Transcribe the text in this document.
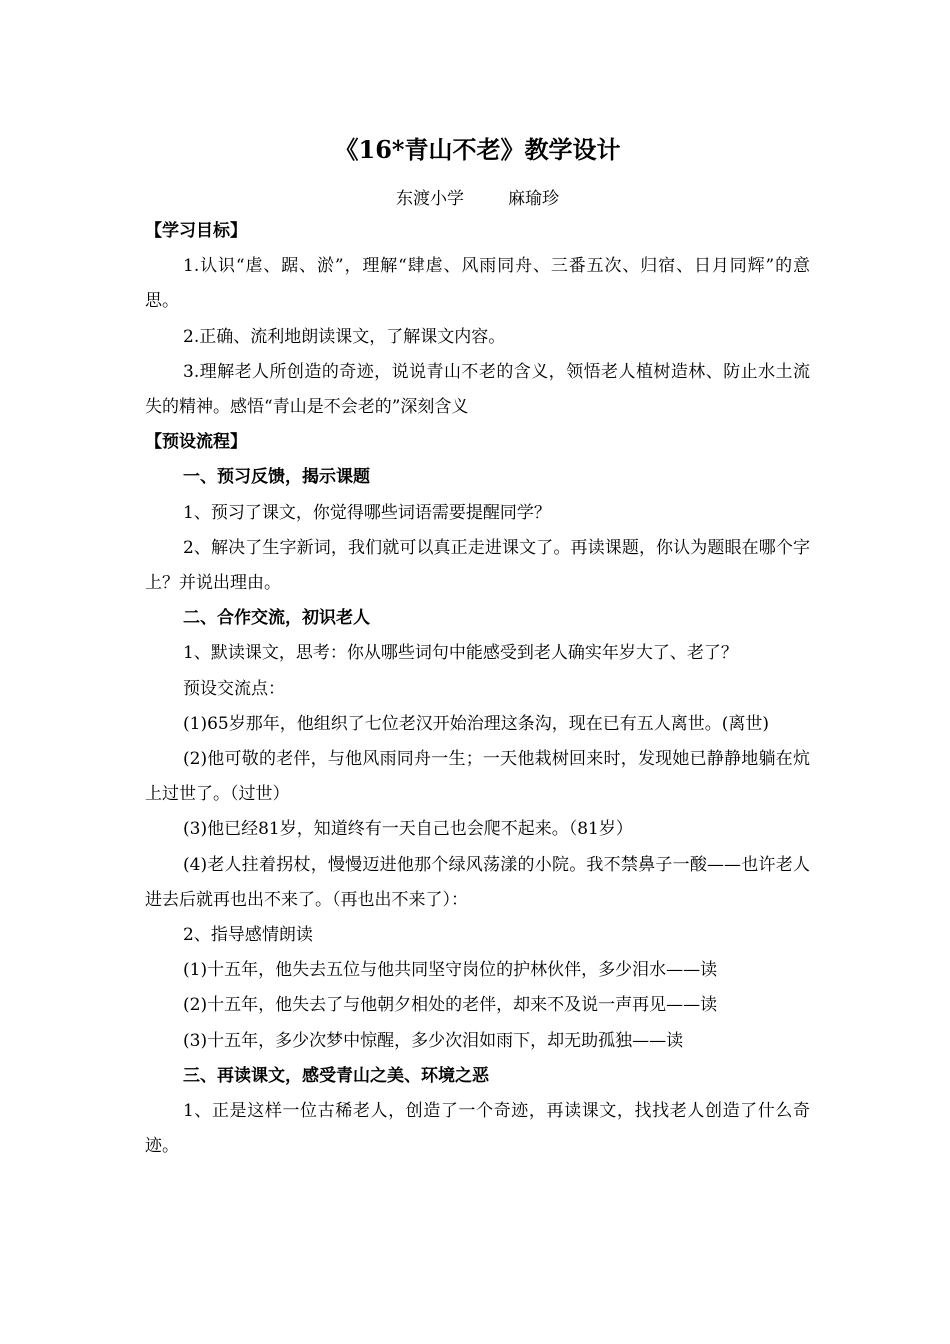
《16*青山不老》教学设计
东渡小学	麻瑜珍

【学习目标】

1.认识“虐、踞、淤”，理解“肆虐、风雨同舟、三番五次、归宿、日月同辉”的意思。

2.正确、流利地朗读课文，了解课文内容。

3.理解老人所创造的奇迹，说说青山不老的含义，领悟老人植树造林、防止水土流失的精神。感悟“青山是不会老的”深刻含义

【预设流程】

一、预习反馈，揭示课题

1、预习了课文，你觉得哪些词语需要提醒同学？

2、解决了生字新词，我们就可以真正走进课文了。再读课题，你认为题眼在哪个字上？并说出理由。

二、合作交流，初识老人

1、默读课文，思考：你从哪些词句中能感受到老人确实年岁大了、老了？

预设交流点：

(1)65岁那年，他组织了七位老汉开始治理这条沟，现在已有五人离世。(离世)

(2)他可敬的老伴，与他风雨同舟一生；一天他栽树回来时，发现她已静静地躺在炕上过世了。（过世）

(3)他已经81岁，知道终有一天自己也会爬不起来。（81岁）

(4)老人拄着拐杖，慢慢迈进他那个绿风荡漾的小院。我不禁鼻子一酸——也许老人进去后就再也出不来了。（再也出不来了）：

2、指导感情朗读

(1)十五年，他失去五位与他共同坚守岗位的护林伙伴，多少泪水——读

(2)十五年，他失去了与他朝夕相处的老伴，却来不及说一声再见——读

(3)十五年，多少次梦中惊醒，多少次泪如雨下，却无助孤独——读

三、再读课文，感受青山之美、环境之恶

1、正是这样一位古稀老人，创造了一个奇迹，再读课文，找找老人创造了什么奇迹。
